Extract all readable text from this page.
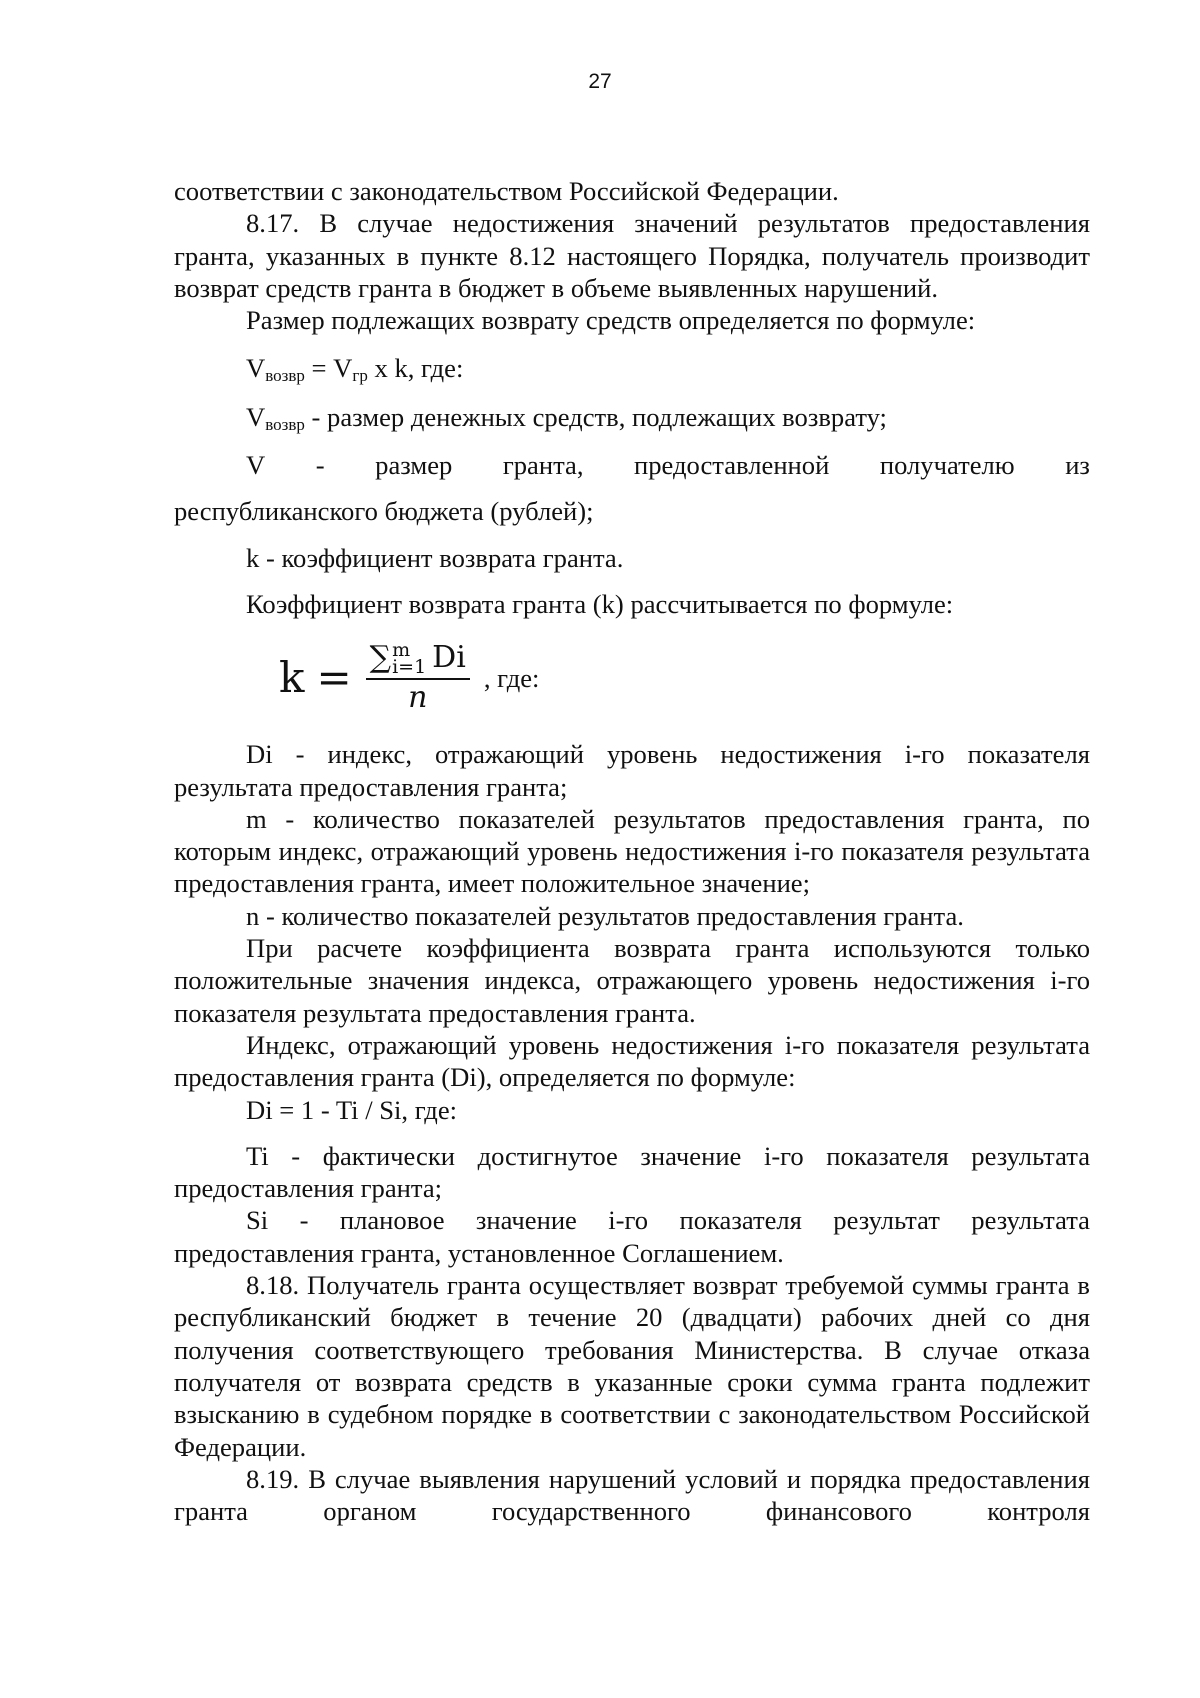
27

соответствии с законодательством Российской Федерации.

8.17. В случае недостижения значений результатов предоставления гранта, указанных в пункте 8.12 настоящего Порядка, получатель производит возврат средств гранта в бюджет в объеме выявленных нарушений.

Размер подлежащих возврату средств определяется по формуле:

$V_{возвр} = V_{гр}$ x k, где:

$V_{возвр}$ - размер денежных средств, подлежащих возврату;

V - размер гранта, предоставленной получателю из

республиканского бюджета (рублей);

k - коэффициент возврата гранта.

Коэффициент возврата гранта (k) рассчитывается по формуле:

k = ∑ m
i=1 Di
n , где:

Di - индекс, отражающий уровень недостижения i-го показателя результата предоставления гранта;

m - количество показателей результатов предоставления гранта, по которым индекс, отражающий уровень недостижения i-го показателя результата предоставления гранта, имеет положительное значение;

n - количество показателей результатов предоставления гранта.

При расчете коэффициента возврата гранта используются только положительные значения индекса, отражающего уровень недостижения i-го показателя результата предоставления гранта.

Индекс, отражающий уровень недостижения i-го показателя результата предоставления гранта (Di), определяется по формуле:

Di = 1 - Ti / Si, где:

Ti - фактически достигнутое значение i-го показателя результата предоставления гранта;

Si - плановое значение i-го показателя результат результата предоставления гранта, установленное Соглашением.

8.18. Получатель гранта осуществляет возврат требуемой суммы гранта в республиканский бюджет в течение 20 (двадцати) рабочих дней со дня получения соответствующего требования Министерства. В случае отказа получателя от возврата средств в указанные сроки сумма гранта подлежит взысканию в судебном порядке в соответствии с законодательством Российской Федерации.

8.19. В случае выявления нарушений условий и порядка предоставления гранта органом государственного финансового контроля
